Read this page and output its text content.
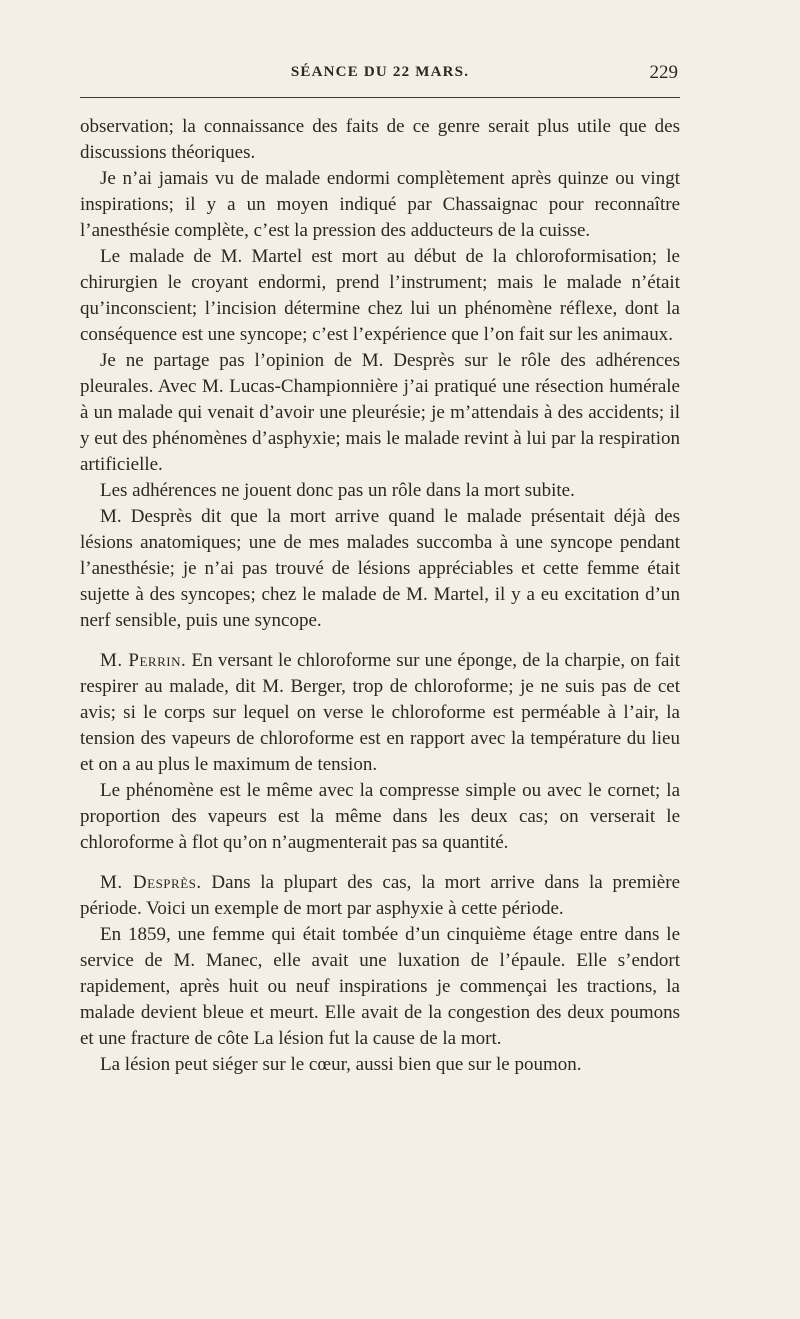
SÉANCE DU 22 MARS.	229

observation; la connaissance des faits de ce genre serait plus utile que des discussions théoriques.

Je n’ai jamais vu de malade endormi complètement après quinze ou vingt inspirations; il y a un moyen indiqué par Chassaignac pour reconnaître l’anesthésie complète, c’est la pression des adducteurs de la cuisse.

Le malade de M. Martel est mort au début de la chloroformisation; le chirurgien le croyant endormi, prend l’instrument; mais le malade n’était qu’inconscient; l’incision détermine chez lui un phénomène réflexe, dont la conséquence est une syncope; c’est l’expérience que l’on fait sur les animaux.

Je ne partage pas l’opinion de M. Desprès sur le rôle des adhérences pleurales. Avec M. Lucas-Championnière j’ai pratiqué une résection humérale à un malade qui venait d’avoir une pleurésie; je m’attendais à des accidents; il y eut des phénomènes d’asphyxie; mais le malade revint à lui par la respiration artificielle.

Les adhérences ne jouent donc pas un rôle dans la mort subite.

M. Desprès dit que la mort arrive quand le malade présentait déjà des lésions anatomiques; une de mes malades succomba à une syncope pendant l’anesthésie; je n’ai pas trouvé de lésions appréciables et cette femme était sujette à des syncopes; chez le malade de M. Martel, il y a eu excitation d’un nerf sensible, puis une syncope.

M. Perrin. En versant le chloroforme sur une éponge, de la charpie, on fait respirer au malade, dit M. Berger, trop de chloroforme; je ne suis pas de cet avis; si le corps sur lequel on verse le chloroforme est perméable à l’air, la tension des vapeurs de chloroforme est en rapport avec la température du lieu et on a au plus le maximum de tension.

Le phénomène est le même avec la compresse simple ou avec le cornet; la proportion des vapeurs est la même dans les deux cas; on verserait le chloroforme à flot qu’on n’augmenterait pas sa quantité.

M. Desprès. Dans la plupart des cas, la mort arrive dans la première période. Voici un exemple de mort par asphyxie à cette période.

En 1859, une femme qui était tombée d’un cinquième étage entre dans le service de M. Manec, elle avait une luxation de l’épaule. Elle s’endort rapidement, après huit ou neuf inspirations je commençai les tractions, la malade devient bleue et meurt. Elle avait de la congestion des deux poumons et une fracture de côte La lésion fut la cause de la mort.

La lésion peut siéger sur le cœur, aussi bien que sur le poumon.
